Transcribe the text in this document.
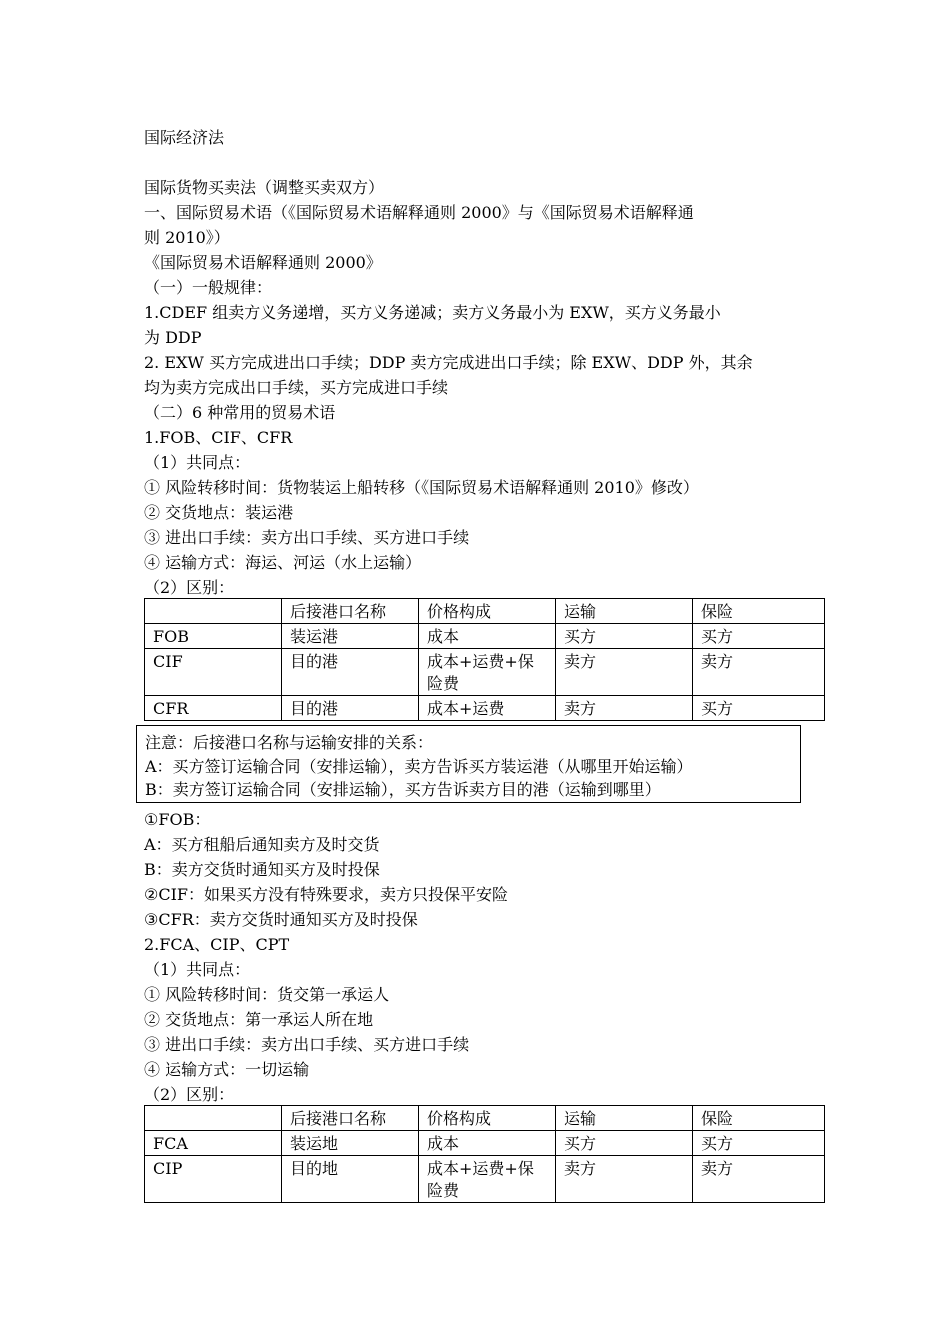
国际经济法
国际货物买卖法（调整买卖双方）
一、国际贸易术语（《国际贸易术语解释通则 2000》与《国际贸易术语解释通
则 2010》）
《国际贸易术语解释通则 2000》
（一）一般规律：
1.CDEF 组卖方义务递增，买方义务递减；卖方义务最小为 EXW，买方义务最小
为 DDP
2. EXW 买方完成进出口手续；DDP 卖方完成进出口手续；除 EXW、DDP 外，其余
均为卖方完成出口手续，买方完成进口手续
（二）6 种常用的贸易术语
1.FOB、CIF、CFR
（1）共同点：
① 风险转移时间：货物装运上船转移（《国际贸易术语解释通则 2010》修改）
② 交货地点：装运港
③ 进出口手续：卖方出口手续、买方进口手续
④ 运输方式：海运、河运（水上运输）
（2）区别：
	后接港口名称	价格构成	运输	保险
FOB	装运港	成本	买方	买方
CIF	目的港	成本+运费+保险费	卖方	卖方
CFR	目的港	成本+运费	卖方	买方
注意：后接港口名称与运输安排的关系：
A：买方签订运输合同（安排运输），卖方告诉买方装运港（从哪里开始运输）
B：卖方签订运输合同（安排运输），买方告诉卖方目的港（运输到哪里）
①FOB：
A：买方租船后通知卖方及时交货
B：卖方交货时通知买方及时投保
②CIF：如果买方没有特殊要求，卖方只投保平安险
③CFR：卖方交货时通知买方及时投保
2.FCA、CIP、CPT
（1）共同点：
① 风险转移时间：货交第一承运人
② 交货地点：第一承运人所在地
③ 进出口手续：卖方出口手续、买方进口手续
④ 运输方式：一切运输
（2）区别：
	后接港口名称	价格构成	运输	保险
FCA	装运地	成本	买方	买方
CIP	目的地	成本+运费+保险费	卖方	卖方
